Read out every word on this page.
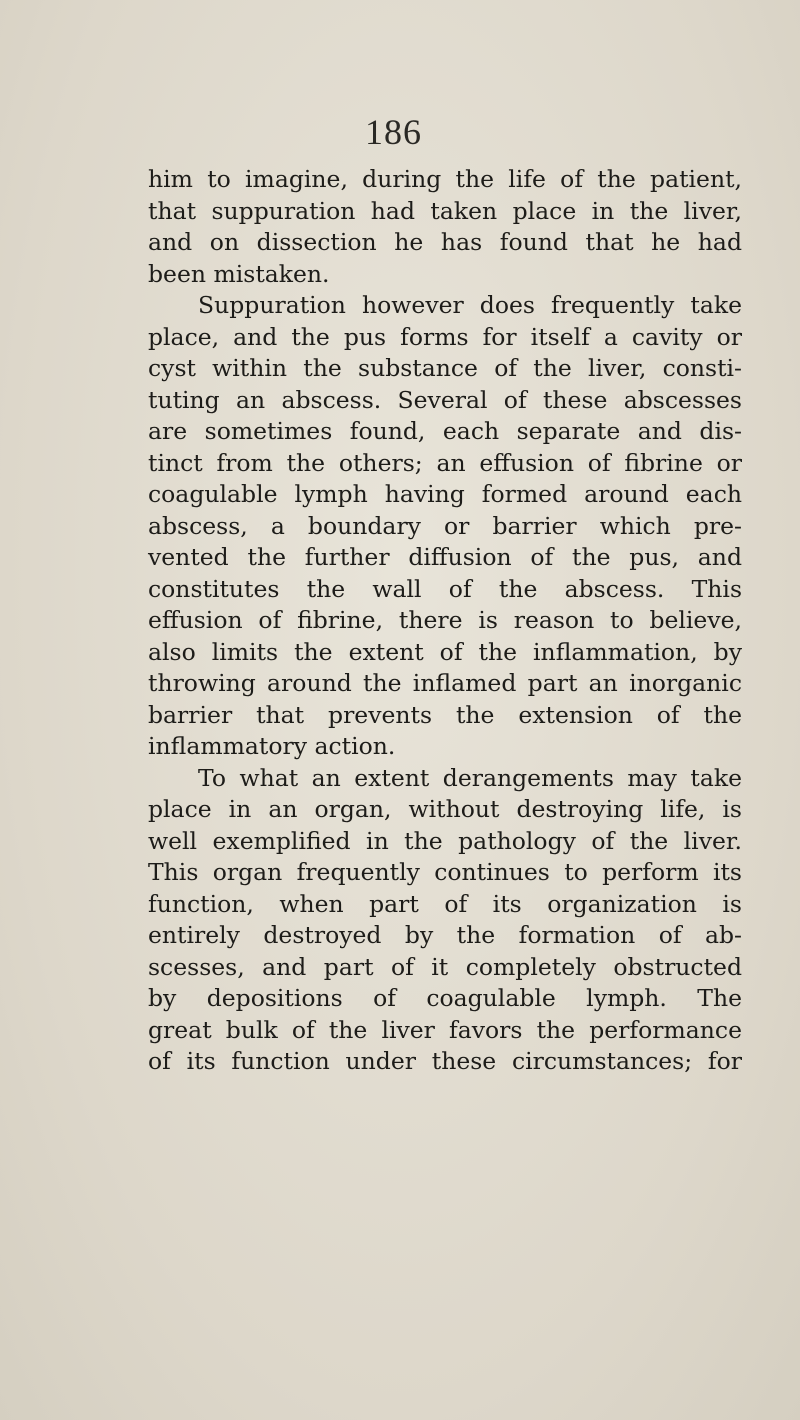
186
him to imagine, during the life of the patient,
that suppuration had taken place in the liver,
and on dissection he has found that he had
been mistaken.
Suppuration however does frequently take
place, and the pus forms for itself a cavity or
cyst within the substance of the liver, consti-
tuting an abscess. Several of these abscesses
are sometimes found, each separate and dis-
tinct from the others; an effusion of fibrine or
coagulable lymph having formed around each
abscess, a boundary or barrier which pre-
vented the further diffusion of the pus, and
constitutes the wall of the abscess. This
effusion of fibrine, there is reason to believe,
also limits the extent of the inflammation, by
throwing around the inflamed part an inorganic
barrier that prevents the extension of the
inflammatory action.
To what an extent derangements may take
place in an organ, without destroying life, is
well exemplified in the pathology of the liver.
This organ frequently continues to perform its
function, when part of its organization is
entirely destroyed by the formation of ab-
scesses, and part of it completely obstructed
by depositions of coagulable lymph. The
great bulk of the liver favors the performance
of its function under these circumstances; for
